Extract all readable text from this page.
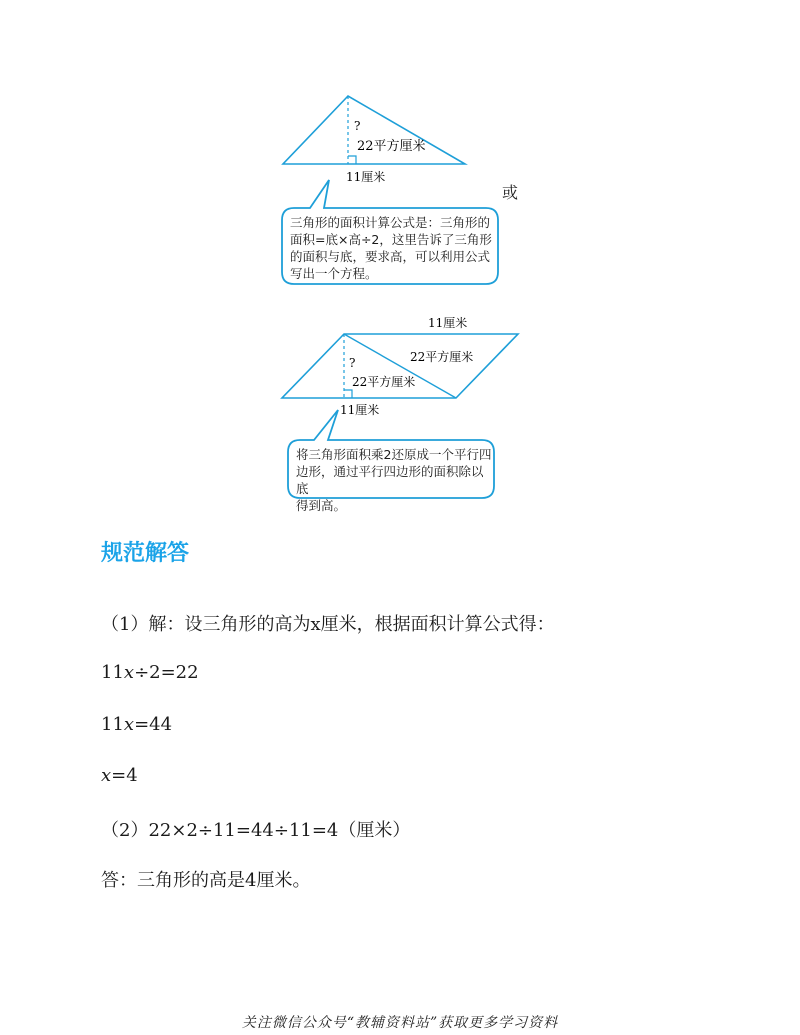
?
22平方厘米
11厘米
11厘米
22平方厘米
?
22平方厘米
11厘米
三角形的面积计算公式是：三角形的
面积=底×高÷2，这里告诉了三角形
的面积与底，要求高，可以利用公式
写出一个方程。
或
将三角形面积乘2还原成一个平行四
边形，通过平行四边形的面积除以底
得到高。
规范解答
（1）解：设三角形的高为x厘米，根据面积计算公式得：
11x÷2=22
11x=44
x=4
（2）22×2÷11=44÷11=4（厘米）
答：三角形的高是4厘米。
关注微信公众号“教辅资料站”获取更多学习资料
